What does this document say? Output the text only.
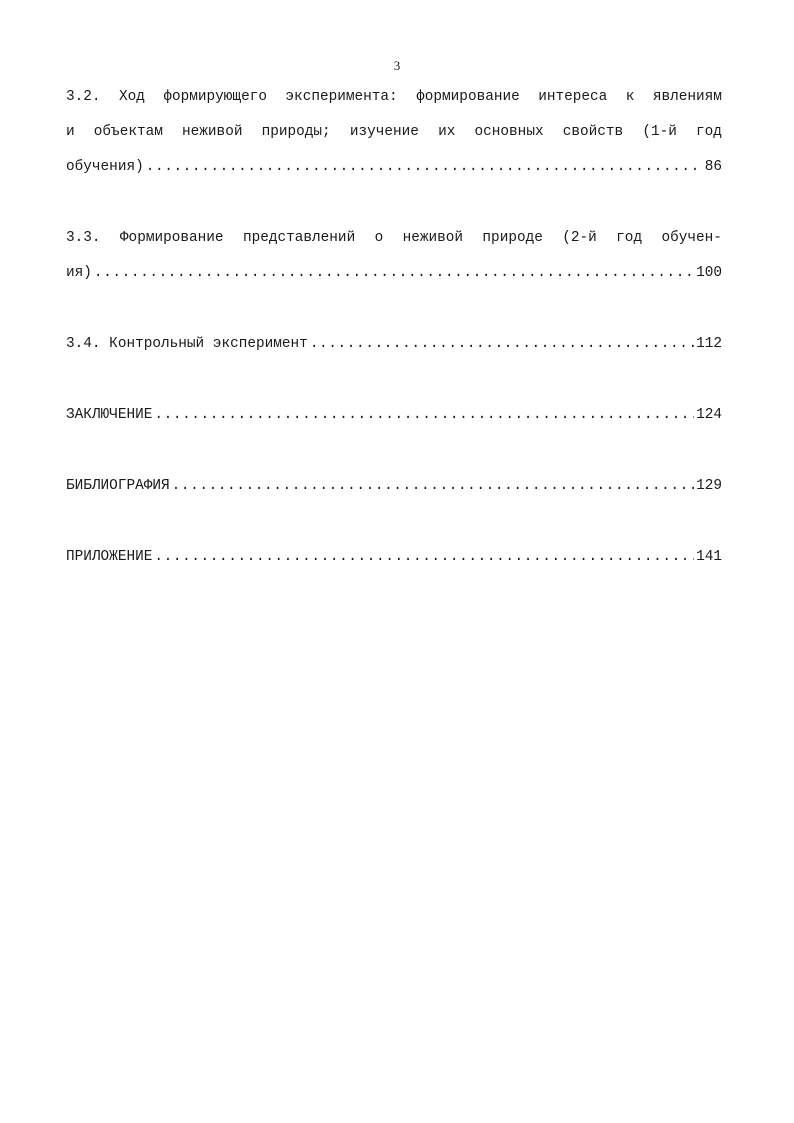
3
3.2. Ход формирующего эксперимента: формирование интереса к явлениям
и объектам неживой природы; изучение их основных свойств (1-й год
обучения) .....	86
3.3. Формирование представлений о неживой природе (2-й год обучен-
ия) .....	100
3.4. Контрольный эксперимент .....	112
ЗАКЛЮЧЕНИЕ .....	124
БИБЛИОГРАФИЯ .....	129
ПРИЛОЖЕНИЕ .....	141
